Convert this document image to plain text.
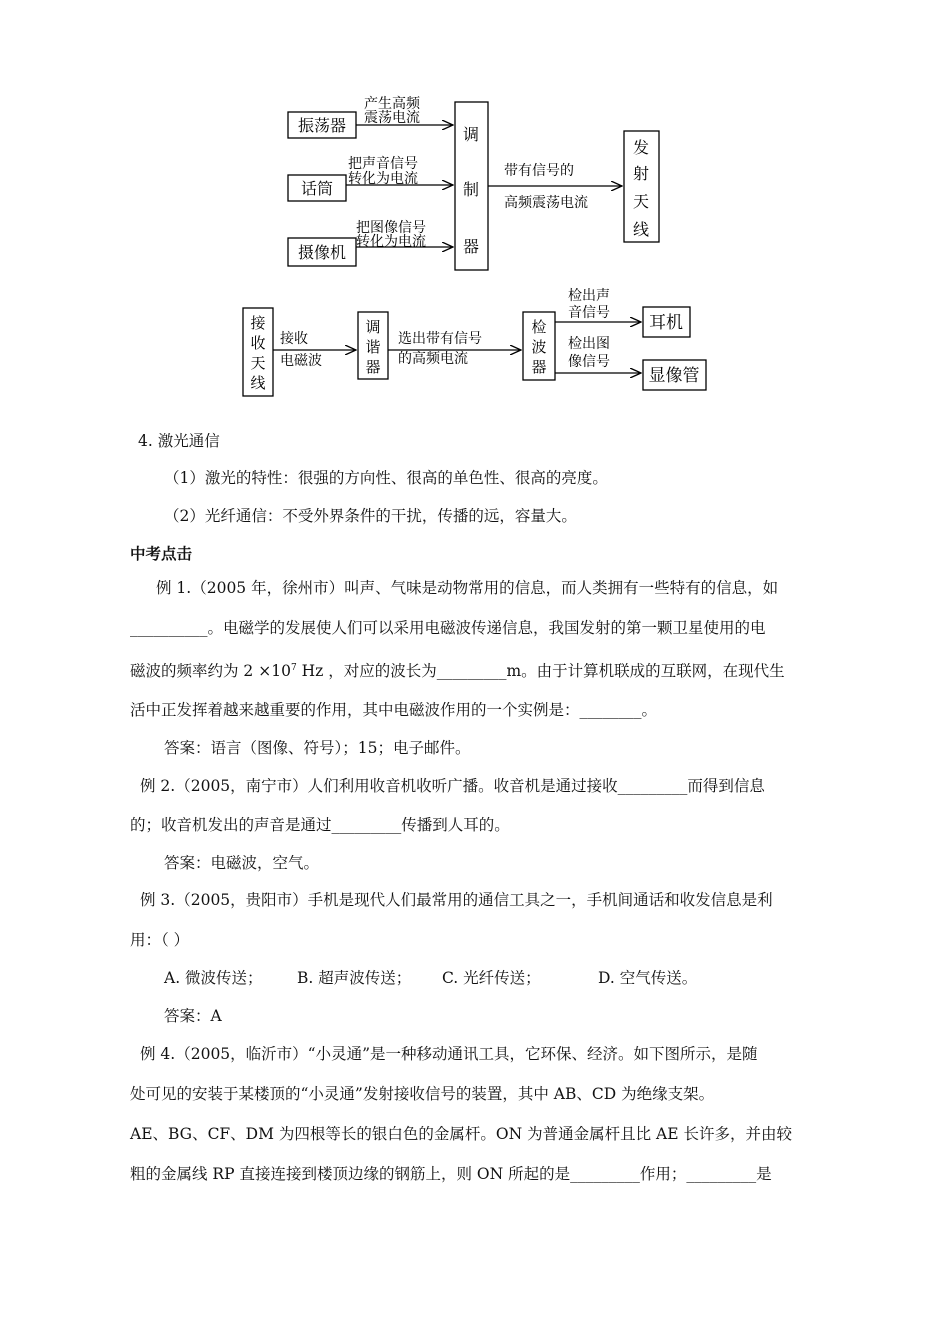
振荡器
话筒
摄像机
产生高频
震荡电流
把声音信号
转化为电流
把图像信号
转化为电流
调
制
器
带有信号的
高频震荡电流
发
射
天
线
接
收
天
线
接收
电磁波
调
谐
器
选出带有信号
的高频电流
检
波
器
检出声
音信号
检出图
像信号
耳机
显像管
4. 激光通信
（1）激光的特性：很强的方向性、很高的单色性、很高的亮度。
（2）光纤通信：不受外界条件的干扰，传播的远，容量大。
中考点击
例 1.（2005 年，徐州市）叫声、气味是动物常用的信息，而人类拥有一些特有的信息，如
__________。电磁学的发展使人们可以采用电磁波传递信息，我国发射的第一颗卫星使用的电
磁波的频率约为 $2 \times 10^7$ Hz ，对应的波长为_________m。由于计算机联成的互联网，在现代生
活中正发挥着越来越重要的作用，其中电磁波作用的一个实例是：________。
答案：语言（图像、符号）；15；电子邮件。
例 2.（2005，南宁市）人们利用收音机收听广播。收音机是通过接收_________而得到信息
的；收音机发出的声音是通过_________传播到人耳的。
答案：电磁波，空气。
例 3.（2005，贵阳市）手机是现代人们最常用的通信工具之一，手机间通话和收发信息是利
用：（ ）
A. 微波传送； B. 超声波传送； C. 光纤传送；	D. 空气传送。
答案：A
例 4.（2005，临沂市）“小灵通”是一种移动通讯工具，它环保、经济。如下图所示，是随
处可见的安装于某楼顶的“小灵通”发射接收信号的装置，其中 AB、CD 为绝缘支架。
AE、BG、CF、DM 为四根等长的银白色的金属杆。ON 为普通金属杆且比 AE 长许多，并由较
粗的金属线 RP 直接连接到楼顶边缘的钢筋上，则 ON 所起的是_________作用；_________是
